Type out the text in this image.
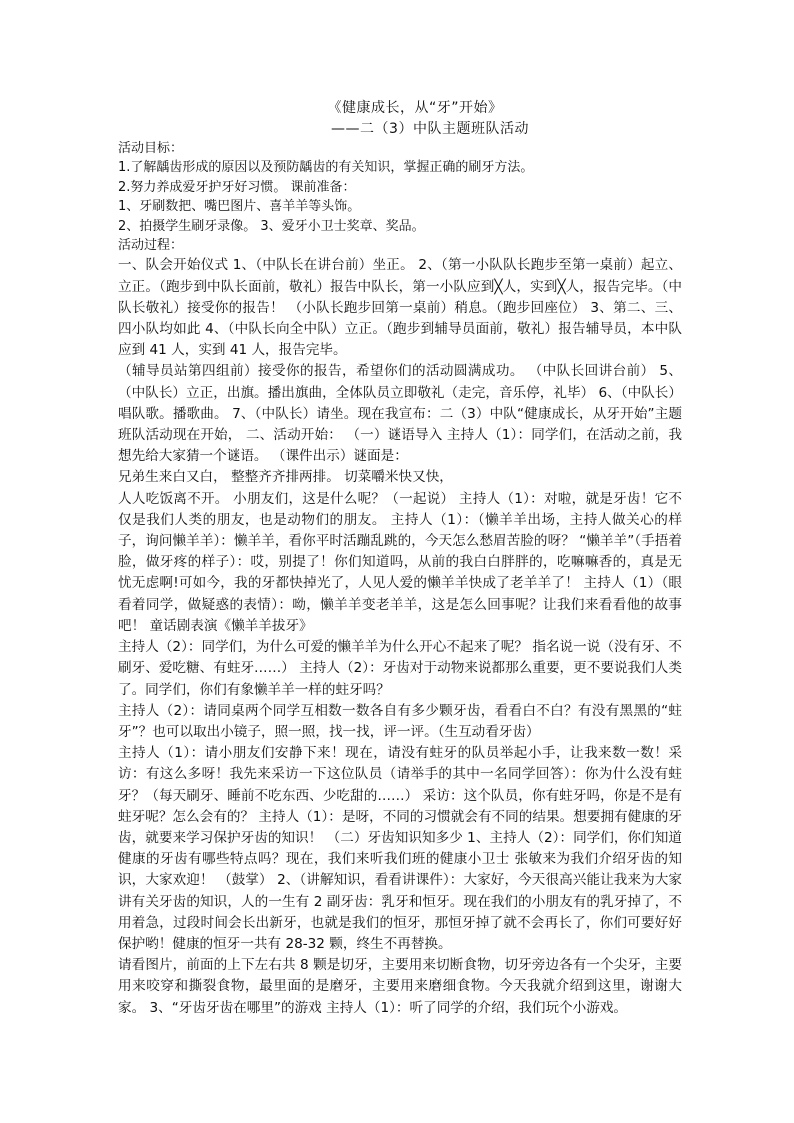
《健康成长，从“牙”开始》

——二（3）中队主题班队活动

活动目标：

1.了解龋齿形成的原因以及预防龋齿的有关知识，掌握正确的刷牙方法。

2.努力养成爱牙护牙好习惯。 课前准备：

1、牙刷数把、嘴巴图片、喜羊羊等头饰。

2、拍摄学生刷牙录像。 3、爱牙小卫士奖章、奖品。

活动过程：

一、队会开始仪式 1、（中队长在讲台前）坐正。 2、（第一小队队长跑步至第一桌前）起立、立正。（跑步到中队长面前，敬礼）报告中队长，第一小队应到╳人，实到╳人，报告完毕。（中队长敬礼）接受你的报告！ （小队长跑步回第一桌前）稍息。（跑步回座位） 3、第二、三、四小队均如此 4、（中队长向全中队）立正。（跑步到辅导员面前，敬礼）报告辅导员，本中队应到 41 人，实到 41 人，报告完毕。

（辅导员站第四组前）接受你的报告，希望你们的活动圆满成功。 （中队长回讲台前） 5、（中队长）立正，出旗。播出旗曲，全体队员立即敬礼（走完，音乐停，礼毕） 6、（中队长）唱队歌。播歌曲。 7、（中队长）请坐。现在我宣布：二（3）中队“健康成长，从牙开始”主题班队活动现在开始， 二、活动开始： （一）谜语导入 主持人（1）：同学们，在活动之前，我想先给大家猜一个谜语。 （课件出示）谜面是：

兄弟生来白又白， 整整齐齐排两排。 切菜嚼米快又快，

人人吃饭离不开。 小朋友们，这是什么呢？（一起说） 主持人（1）：对啦，就是牙齿！它不仅是我们人类的朋友，也是动物们的朋友。 主持人（1）：（懒羊羊出场，主持人做关心的样子，询问懒羊羊）：懒羊羊，看你平时活蹦乱跳的，今天怎么愁眉苦脸的呀？ “懒羊羊”（手捂着脸，做牙疼的样子）：哎，别提了！你们知道吗，从前的我白白胖胖的，吃嘛嘛香的，真是无忧无虑啊!可如今，我的牙都快掉光了，人见人爱的懒羊羊快成了老羊羊了！ 主持人（1）（眼看着同学，做疑惑的表情）：呦，懒羊羊变老羊羊，这是怎么回事呢？让我们来看看他的故事吧！ 童话剧表演《懒羊羊拔牙》

主持人（2）：同学们，为什么可爱的懒羊羊为什么开心不起来了呢？ 指名说一说（没有牙、不刷牙、爱吃糖、有蛀牙……） 主持人（2）：牙齿对于动物来说都那么重要，更不要说我们人类了。同学们，你们有象懒羊羊一样的蛀牙吗？

主持人（2）：请同桌两个同学互相数一数各自有多少颗牙齿，看看白不白？有没有黑黑的“蛀牙”？也可以取出小镜子，照一照，找一找，评一评。（生互动看牙齿）

主持人（1）：请小朋友们安静下来！现在，请没有蛀牙的队员举起小手，让我来数一数！采访：有这么多呀！我先来采访一下这位队员（请举手的其中一名同学回答）：你为什么没有蛀牙？（每天刷牙、睡前不吃东西、少吃甜的……） 采访：这个队员，你有蛀牙吗，你是不是有蛀牙呢？怎么会有的？ 主持人（1）：是呀，不同的习惯就会有不同的结果。想要拥有健康的牙齿，就要来学习保护牙齿的知识！ （二）牙齿知识知多少 1、主持人（2）：同学们，你们知道健康的牙齿有哪些特点吗？现在，我们来听我们班的健康小卫士 张敏来为我们介绍牙齿的知识，大家欢迎！ （鼓掌） 2、（讲解知识，看看讲课件）：大家好，今天很高兴能让我来为大家讲有关牙齿的知识，人的一生有 2 副牙齿：乳牙和恒牙。现在我们的小朋友有的乳牙掉了，不用着急，过段时间会长出新牙，也就是我们的恒牙，那恒牙掉了就不会再长了，你们可要好好保护哟！健康的恒牙一共有 28-32 颗，终生不再替换。

请看图片，前面的上下左右共 8 颗是切牙，主要用来切断食物，切牙旁边各有一个尖牙，主要用来咬穿和撕裂食物，最里面的是磨牙，主要用来磨细食物。今天我就介绍到这里，谢谢大家。 3、“牙齿牙齿在哪里”的游戏 主持人（1）：听了同学的介绍，我们玩个小游戏。
